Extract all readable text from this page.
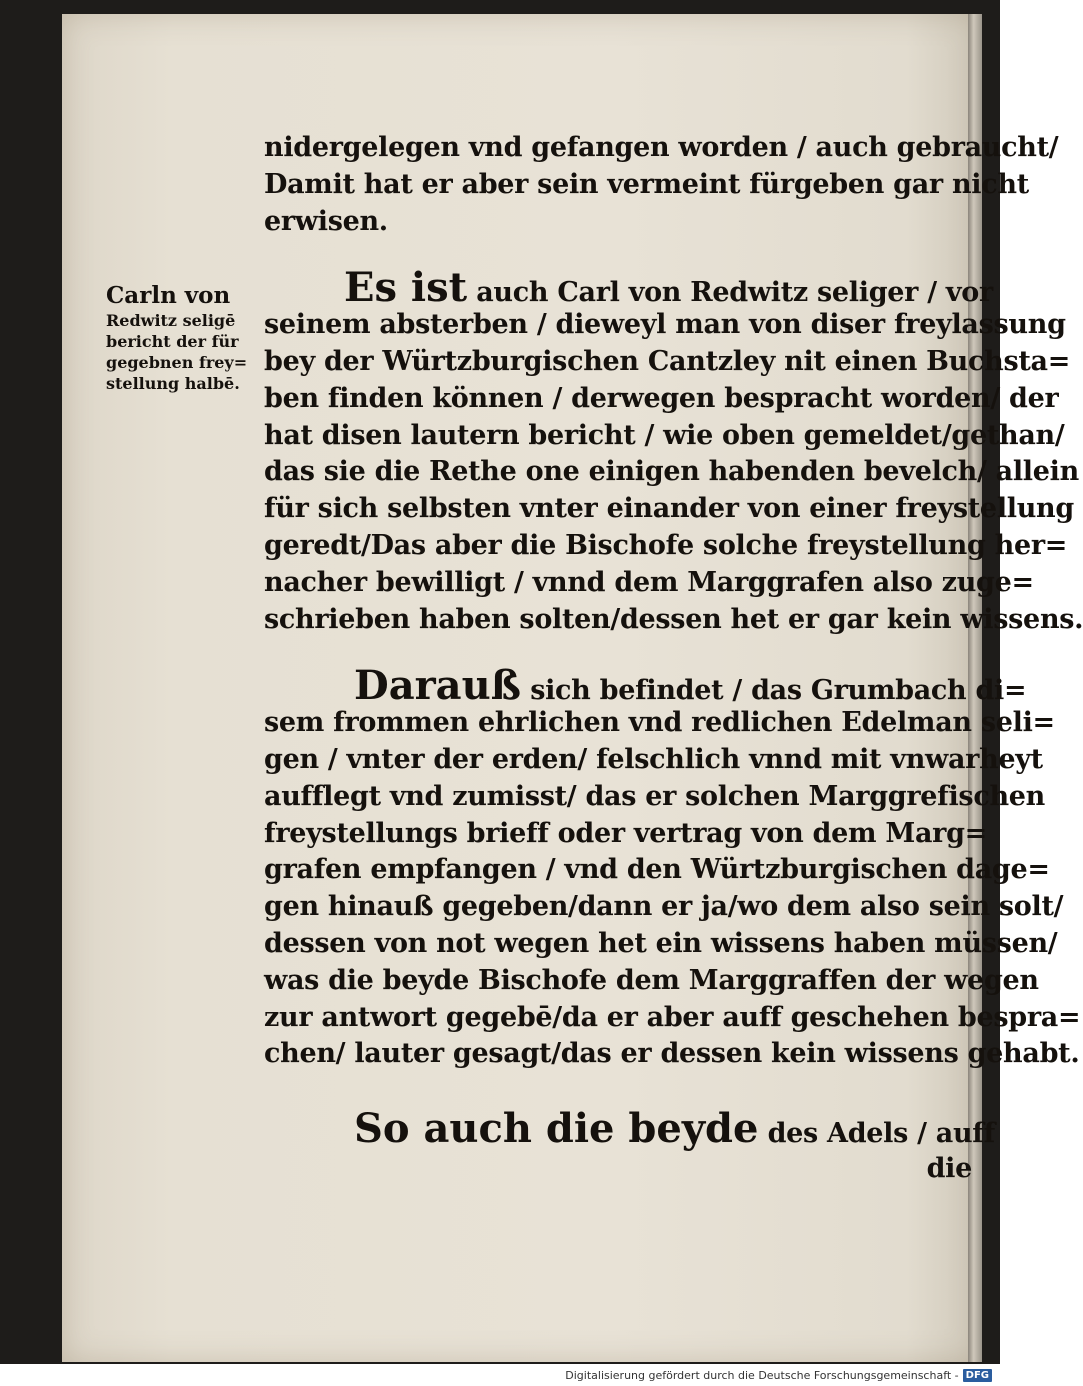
Carln von
Redwitz seligē
bericht der für
gegebnen frey=
stellung halbē.
nidergelegen vnd gefangen worden / auch gebraucht/
Damit hat er aber sein vermeint fürgeben gar nicht
erwisen.
Es ist auch Carl von Redwitz seliger / vor
seinem absterben / dieweyl man von diser freylassung
bey der Würtzburgischen Cantzley nit einen Buchsta=
ben finden können / derwegen bespracht worden/ der
hat disen lautern bericht / wie oben gemeldet/gethan/
das sie die Rethe one einigen habenden bevelch/ allein
für sich selbsten vnter einander von einer freystellung
geredt/Das aber die Bischofe solche freystellung her=
nacher bewilligt / vnnd dem Marggrafen also zuge=
schrieben haben solten/dessen het er gar kein wissens.
Darauß sich befindet / das Grumbach di=
sem frommen ehrlichen vnd redlichen Edelman seli=
gen / vnter der erden/ felschlich vnnd mit vnwarheyt
aufflegt vnd zumisst/ das er solchen Marggrefischen
freystellungs brieff oder vertrag von dem Marg=
grafen empfangen / vnd den Würtzburgischen dage=
gen hinauß gegeben/dann er ja/wo dem also sein solt/
dessen von not wegen het ein wissens haben müssen/
was die beyde Bischofe dem Marggraffen der wegen
zur antwort gegebē/da er aber auff geschehen bespra=
chen/ lauter gesagt/das er dessen kein wissens gehabt.
So auch die beyde des Adels / auff
die
Digitalisierung gefördert durch die Deutsche Forschungsgemeinschaft - DFG
